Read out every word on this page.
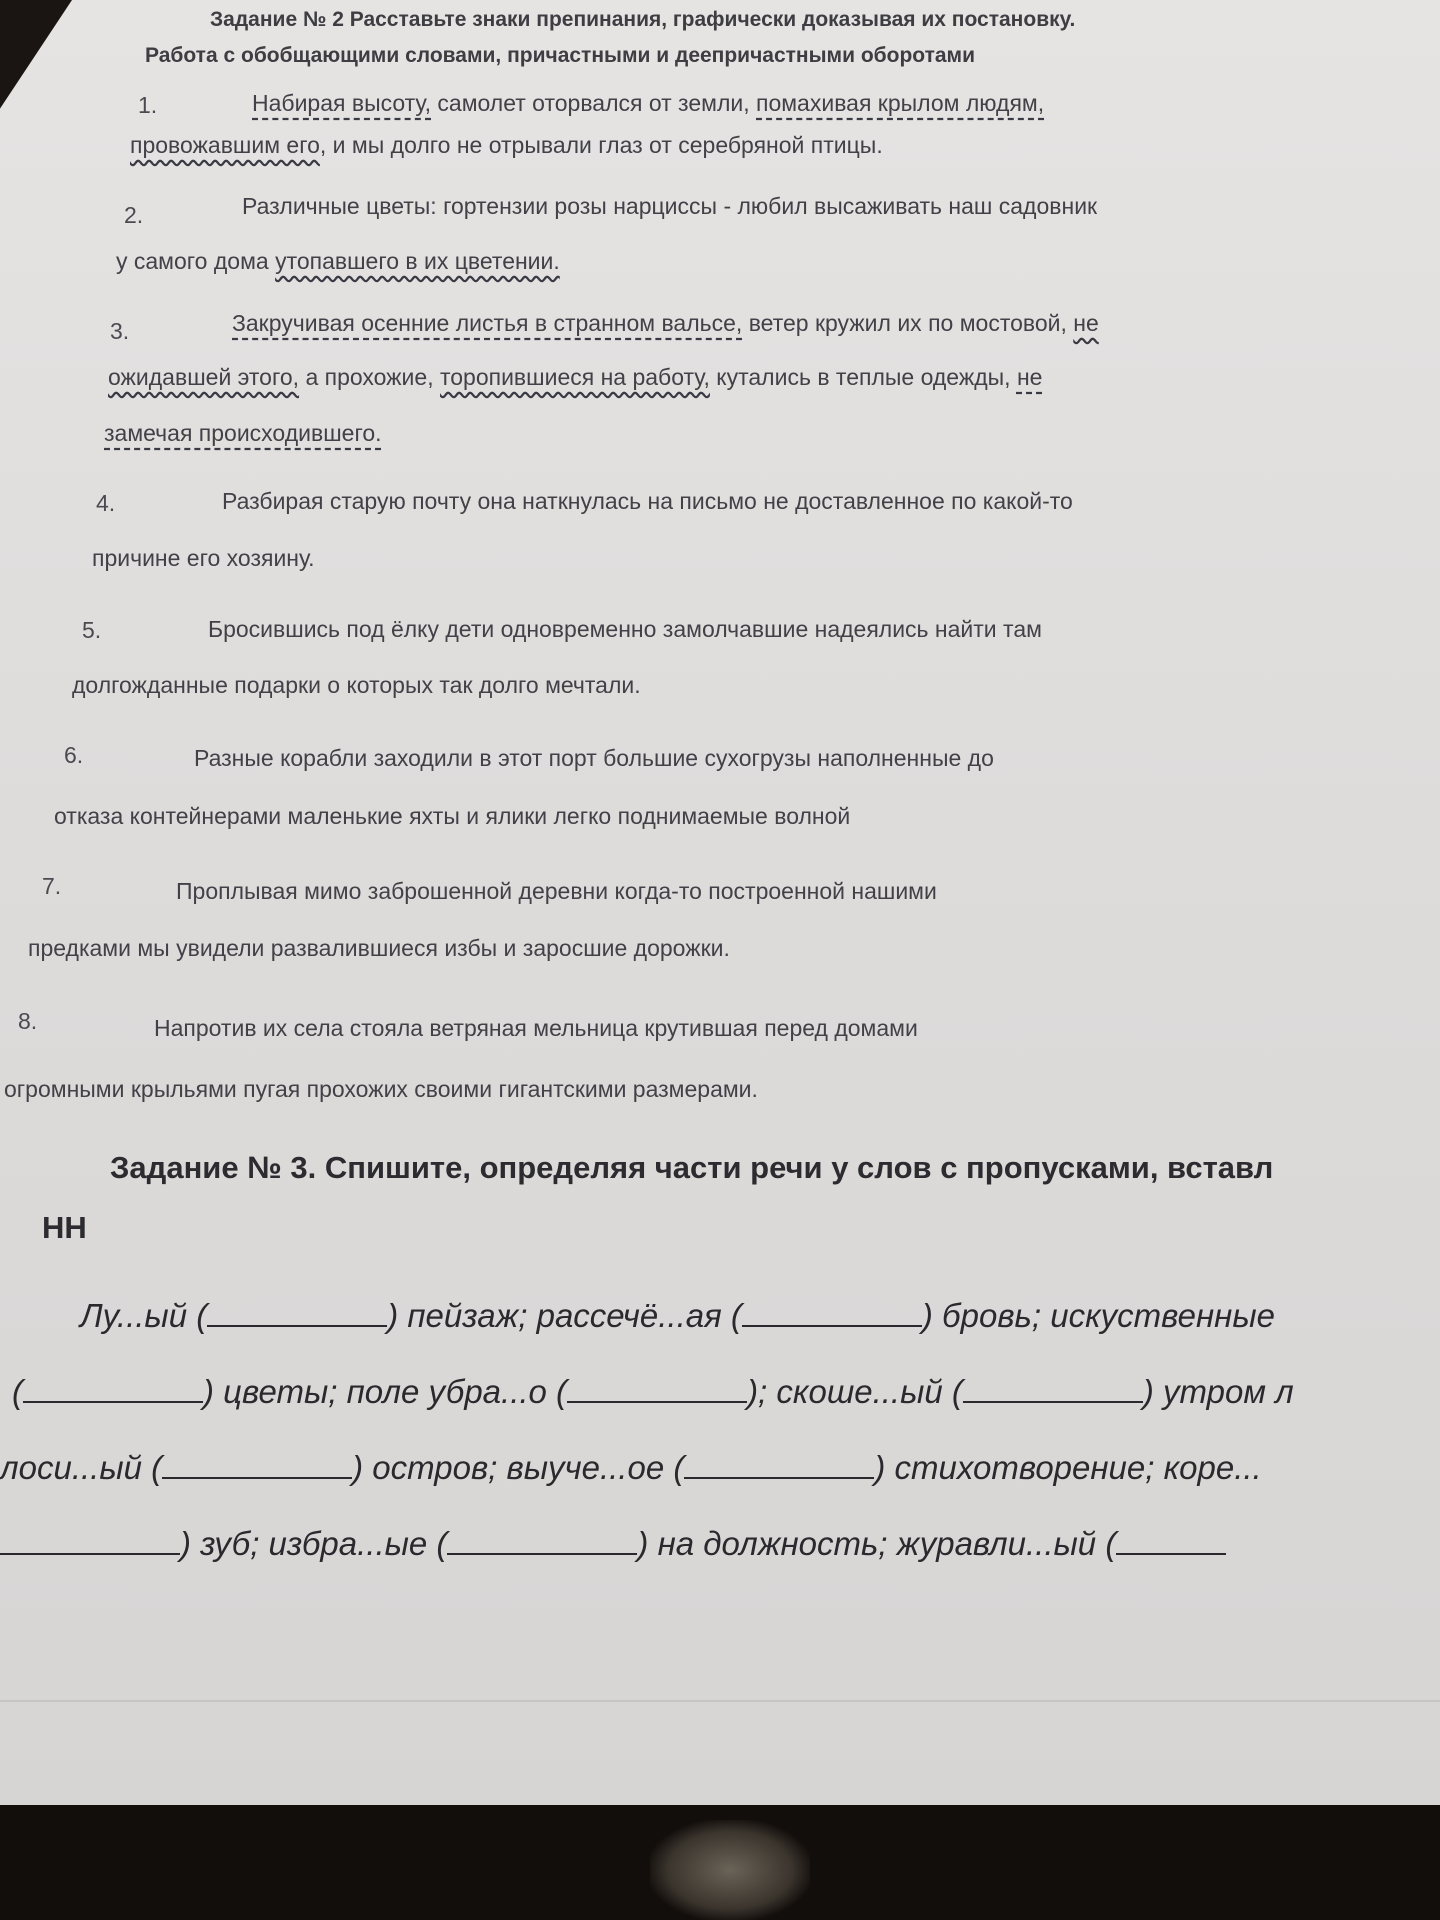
Задание № 2 Расставьте знаки препинания, графически доказывая их постановку.
Работа с обобщающими словами, причастными и деепричастными оборотами
1.	Набирая высоту, самолет оторвался от земли, помахивая крылом людям,
провожавшим его, и мы долго не отрывали глаз от серебряной птицы.
2.	Различные цветы: гортензии розы нарциссы - любил высаживать наш садовник
у самого дома утопавшего в их цветении.
3.	Закручивая осенние листья в странном вальсе, ветер кружил их по мостовой, не
ожидавшей этого, а прохожие, торопившиеся на работу, кутались в теплые одежды, не
замечая происходившего.
4.	Разбирая старую почту она наткнулась на письмо не доставленное по какой-то
причине его хозяину.
5.	Бросившись под ёлку дети одновременно замолчавшие надеялись найти там
долгожданные подарки о которых так долго мечтали.
6.	Разные корабли заходили в этот порт большие сухогрузы наполненные до
отказа контейнерами маленькие яхты и ялики легко поднимаемые волной
7.	Проплывая мимо заброшенной деревни когда-то построенной нашими
предками мы увидели развалившиеся избы и заросшие дорожки.
8.	Напротив их села стояла ветряная мельница крутившая перед домами
огромными крыльями пугая прохожих своими гигантскими размерами.
Задание № 3. Спишите, определяя части речи у слов с пропусками, вставл
НН
Лу...ый (	) пейзаж; рассечё...ая (	) бровь; искуственные
(	) цветы; поле убра...о (	); скоше...ый (	) утром л
лоси...ый (	) остров; выуче...ое (	) стихотворение; коре...
) зуб; избра...ые (	) на должность; журавли...ый (
